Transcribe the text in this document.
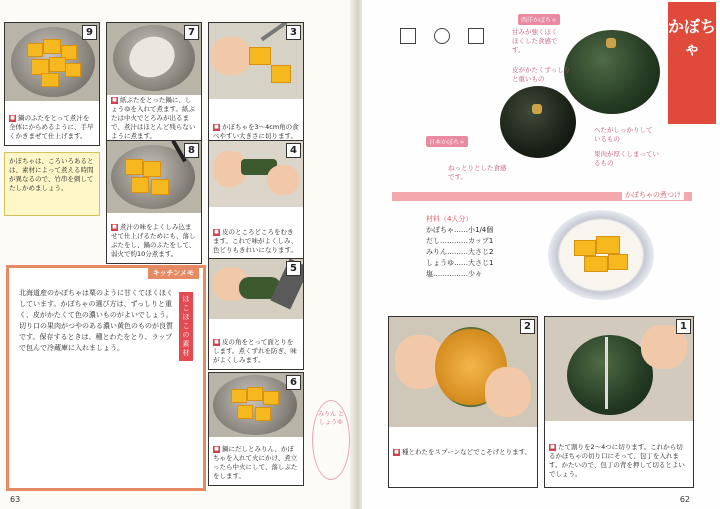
9
■ 鍋のふたをとって煮汁を全体にからめるように、手早くかきまぜて仕上げます。
7
■ 紙ぶたをとった鍋に、しょうゆを入れて煮ます。紙ぶたは中火でとろみが出るまで、煮汁はほとんど残らないように煮ます。
3
■ かぼちゃを3〜4cm角の食べやすい大きさに切ります。
かぼちゃは、ころいろあるとは、素材によって煮える時間が異なるので、竹串を刺してたしかめましょう。
8
■ 煮汁の味をよくしみ込ませて仕上げるためにも、落しぶたをし、鍋のふたをして、弱火で約10分煮ます。
4
■ 皮のところどころをむきます。これで味がよくしみ、色どりもきれいになります。
5
■ 皮の角をとって面とりをします。煮くずれを防ぎ、味がよくしみます。
6
■ 鍋にだしとみりん、かぼちゃを入れて火にかけ、煮立ったら中火にして、落しぶたをします。
キッチンメモ
ほこほこの素材
北海道産のかぼちゃは栗のように甘くてほくほくしています。かぼちゃの選び方は、ずっしりと重く、皮がかたくて色の濃いものがよいでしょう。切り口の果肉がつやのある濃い黄色のものが良質です。保存するときは、種とわたをとり、ラップで包んで冷蔵庫に入れましょう。
みりん と しょうゆ
63
かぼちゃ
西洋かぼちゃ
日本かぼちゃ
甘みが強くほくほくした食感です。
皮がかたくずっしりと重いもの
へたがしっかりしているもの
果肉が厚くしまっているもの
ねっとりとした食感です。
かぼちゃの煮つけ
材料（4人分）
かぼちゃ……小1/4個
だし…………カップ1
みりん………大さじ2
しょうゆ……大さじ1
塩……………少々
2
■ 種とわたをスプーンなどでこそげとります。
1
■ たて割りを2〜4つに切ります。これから切るかぼちゃの切り口にそって、包丁を入れます。かたいので、包丁の背を押して切るとよいでしょう。
62
